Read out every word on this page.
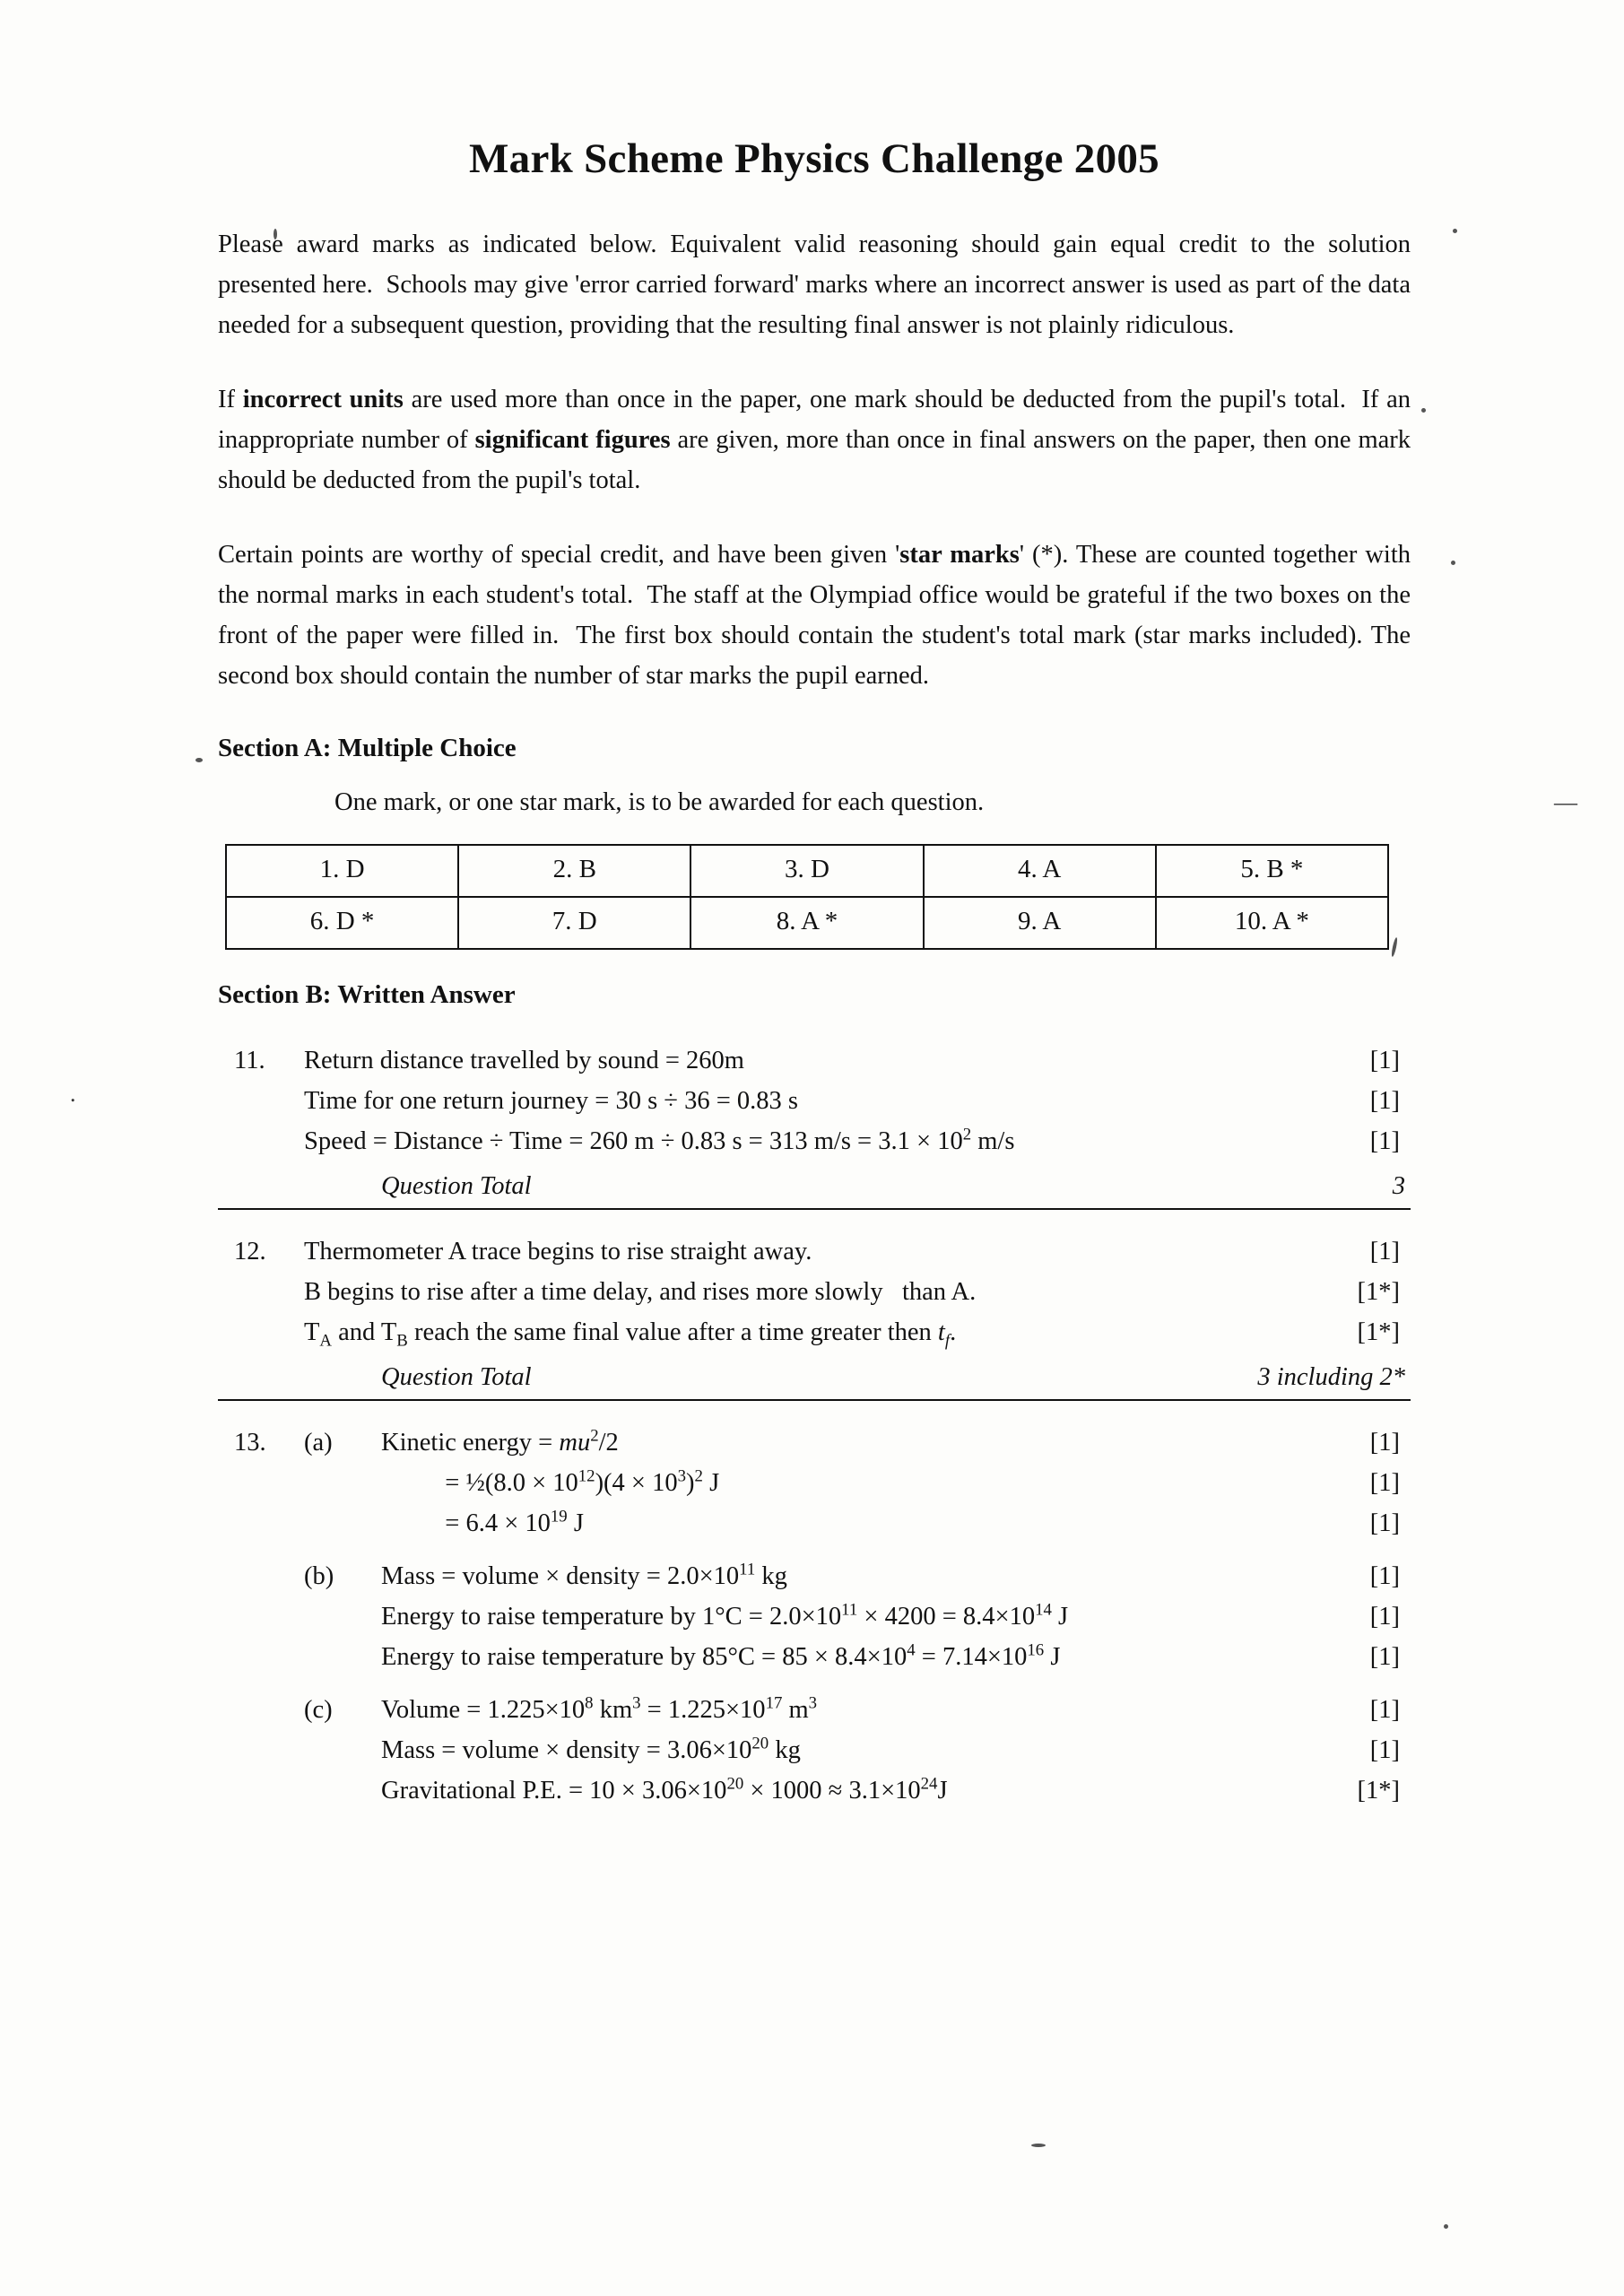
—
.
Mark Scheme Physics Challenge 2005

Please award marks as indicated below. Equivalent valid reasoning should gain equal credit to the solution presented here.  Schools may give 'error carried forward' marks where an incorrect answer is used as part of the data needed for a subsequent question, providing that the resulting final answer is not plainly ridiculous.

If incorrect units are used more than once in the paper, one mark should be deducted from the pupil's total.  If an inappropriate number of significant figures are given, more than once in final answers on the paper, then one mark should be deducted from the pupil's total.

Certain points are worthy of special credit, and have been given 'star marks' (*). These are counted together with the normal marks in each student's total.  The staff at the Olympiad office would be grateful if the two boxes on the front of the paper were filled in.  The first box should contain the student's total mark (star marks included). The second box should contain the number of star marks the pupil earned.

Section A: Multiple Choice
One mark, or one star mark, is to be awarded for each question.
1. D	2. B	3. D	4. A	5. B *
6. D *	7. D	8. A *	9. A	10. A *
Section B: Written Answer
11.	Return distance travelled by sound = 260m	[1]
Time for one return journey = 30 s ÷ 36 = 0.83 s	[1]
Speed = Distance ÷ Time = 260 m ÷ 0.83 s = 313 $m/s = 3.1 \times 10^2$ m/s	[1]
Question Total	3
12.	Thermometer A trace begins to rise straight away.	[1]
B begins to rise after a time delay, and rises more slowly   than A.	[1*]
$T_A$ and $T_B$ reach the same final value after a time greater then $t_f$.	[1*]
Question Total	3 including 2*
13.	(a)	Kinetic energy = $mu^2/2$	[1]
= ½(8.0 × $10^{12})(4 \times 10^3)^2$ J	[1]
= $6.4 \times 10^{19}$ J	[1]
(b)	Mass = volume × density = $2.0\times 10^{11}$ kg	[1]
Energy to raise temperature by $1^\circ C = 2.0\times 10^{11} \times 4200 = 8.4\times 10^{14}$ J	[1]
Energy to raise temperature by $85^\circ C = 85 \times 8.4\times 10^4 = 7.14\times 10^{16}$ J	[1]
(c)	Volume = $1.225\times 10^8$ $km^3 = 1.225\times 10^{17}$ $m^3$	[1]
Mass = volume × density = $3.06\times 10^{20}$ kg	[1]
Gravitational P.E. = $10 \times 3.06\times 10^{20} \times 1000 \approx 3.1\times 10^{24}J$	[1*]
